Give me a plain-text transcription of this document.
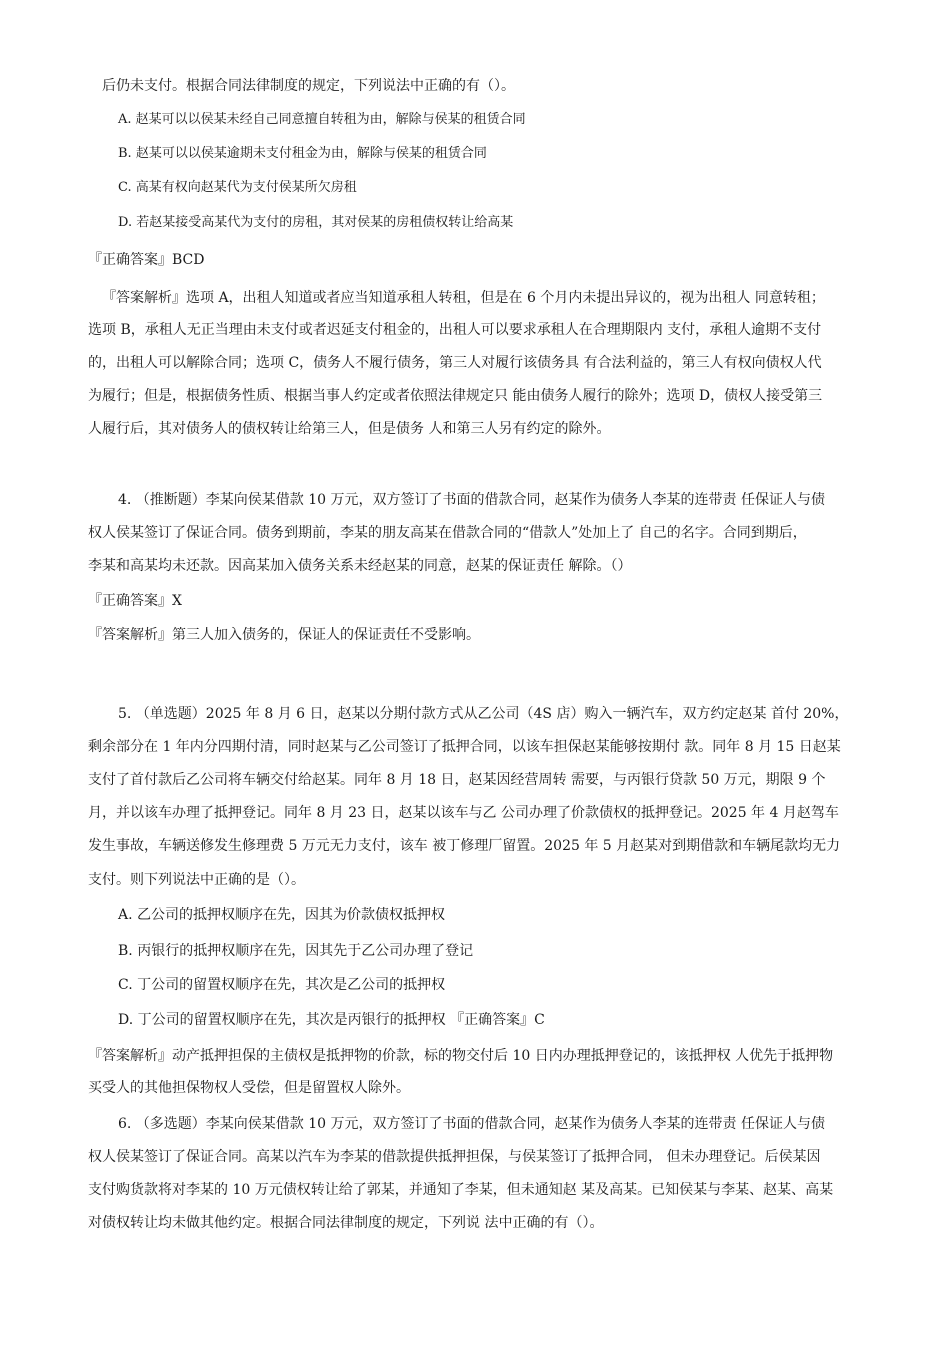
后仍未支付。根据合同法律制度的规定，下列说法中正确的有（）。
A. 赵某可以以侯某未经自己同意擅自转租为由，解除与侯某的租赁合同
B. 赵某可以以侯某逾期未支付租金为由，解除与侯某的租赁合同
C. 高某有权向赵某代为支付侯某所欠房租
D. 若赵某接受高某代为支付的房租，其对侯某的房租债权转让给高某
『正确答案』BCD
『答案解析』选项 A，出租人知道或者应当知道承租人转租，但是在 6 个月内未提出异议的，视为出租人 同意转租；
选项 B，承租人无正当理由未支付或者迟延支付租金的，出租人可以要求承租人在合理期限内 支付，承租人逾期不支付
的，出租人可以解除合同；选项 C，债务人不履行债务，第三人对履行该债务具 有合法利益的，第三人有权向债权人代
为履行；但是，根据债务性质、根据当事人约定或者依照法律规定只 能由债务人履行的除外；选项 D，债权人接受第三
人履行后，其对债务人的债权转让给第三人，但是债务 人和第三人另有约定的除外。
4. （推断题）李某向侯某借款 10 万元，双方签订了书面的借款合同，赵某作为债务人李某的连带责 任保证人与债
权人侯某签订了保证合同。债务到期前，李某的朋友高某在借款合同的“借款人”处加上了 自己的名字。合同到期后，
李某和高某均未还款。因高某加入债务关系未经赵某的同意，赵某的保证责任 解除。（）
『正确答案』X
『答案解析』第三人加入债务的，保证人的保证责任不受影响。
5. （单选题）2025 年 8 月 6 日，赵某以分期付款方式从乙公司（4S 店）购入一辆汽车，双方约定赵某 首付 20%，
剩余部分在 1 年内分四期付清，同时赵某与乙公司签订了抵押合同，以该车担保赵某能够按期付 款。同年 8 月 15 日赵某
支付了首付款后乙公司将车辆交付给赵某。同年 8 月 18 日，赵某因经营周转 需要，与丙银行贷款 50 万元，期限 9 个
月，并以该车办理了抵押登记。同年 8 月 23 日，赵某以该车与乙 公司办理了价款债权的抵押登记。2025 年 4 月赵驾车
发生事故，车辆送修发生修理费 5 万元无力支付，该车 被丁修理厂留置。2025 年 5 月赵某对到期借款和车辆尾款均无力
支付。则下列说法中正确的是（）。
A. 乙公司的抵押权顺序在先，因其为价款债权抵押权
B. 丙银行的抵押权顺序在先，因其先于乙公司办理了登记
C. 丁公司的留置权顺序在先，其次是乙公司的抵押权
D. 丁公司的留置权顺序在先，其次是丙银行的抵押权 『正确答案』C
『答案解析』动产抵押担保的主债权是抵押物的价款，标的物交付后 10 日内办理抵押登记的，该抵押权 人优先于抵押物
买受人的其他担保物权人受偿，但是留置权人除外。
6. （多选题）李某向侯某借款 10 万元，双方签订了书面的借款合同，赵某作为债务人李某的连带责 任保证人与债
权人侯某签订了保证合同。高某以汽车为李某的借款提供抵押担保，与侯某签订了抵押合同， 但未办理登记。后侯某因
支付购货款将对李某的 10 万元债权转让给了郭某，并通知了李某，但未通知赵 某及高某。已知侯某与李某、赵某、高某
对债权转让均未做其他约定。根据合同法律制度的规定，下列说 法中正确的有（）。
